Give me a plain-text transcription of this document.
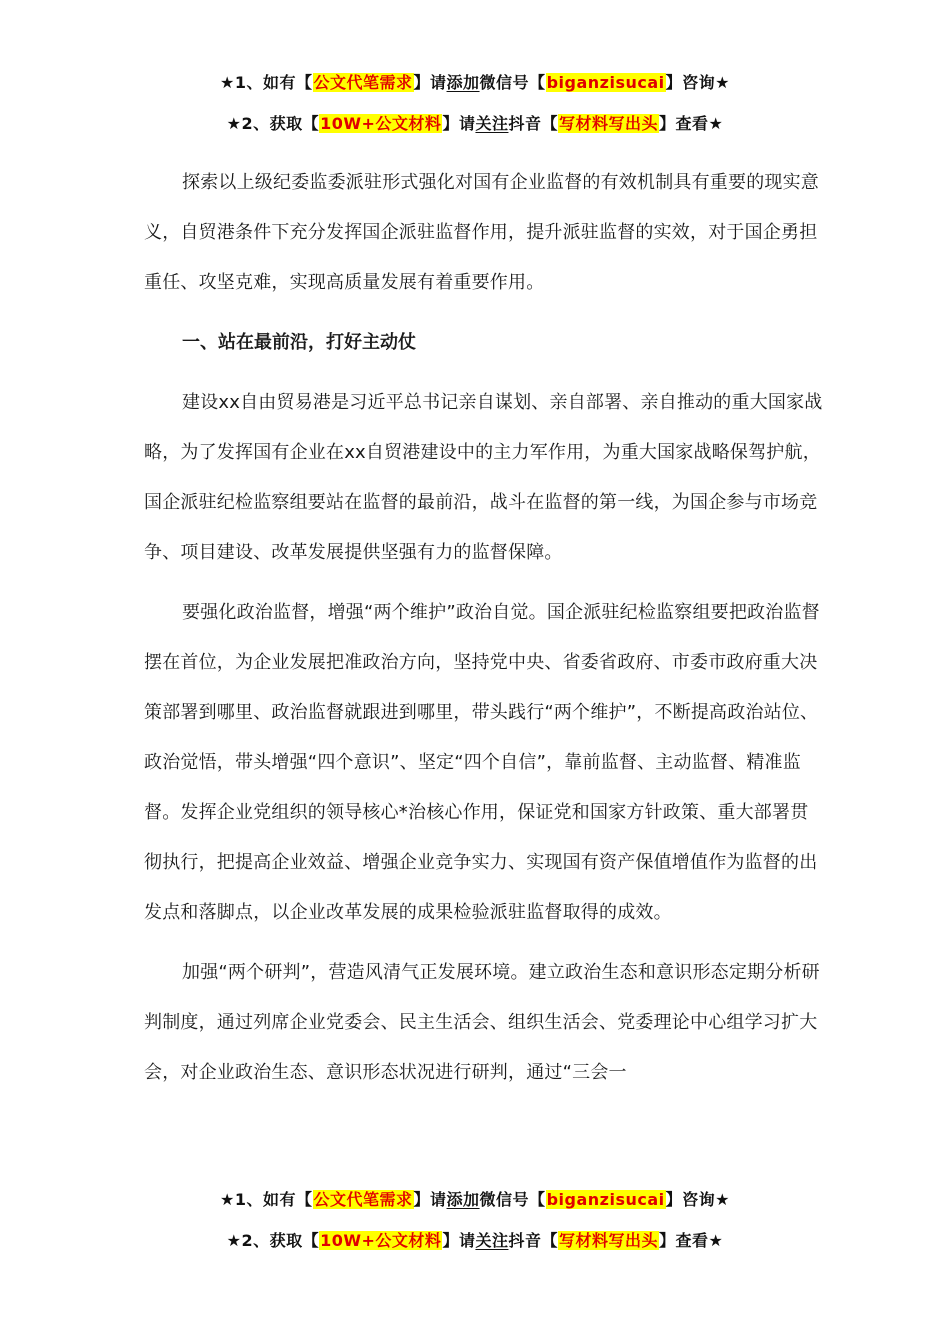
★1、如有【公文代笔需求】请添加微信号【biganzisucai】咨询★
★2、获取【10W+公文材料】请关注抖音【写材料写出头】查看★

探索以上级纪委监委派驻形式强化对国有企业监督的有效机制具有重要的现实意义，自贸港条件下充分发挥国企派驻监督作用，提升派驻监督的实效，对于国企勇担重任、攻坚克难，实现高质量发展有着重要作用。

一、站在最前沿，打好主动仗

建设xx自由贸易港是习近平总书记亲自谋划、亲自部署、亲自推动的重大国家战略，为了发挥国有企业在xx自贸港建设中的主力军作用，为重大国家战略保驾护航，国企派驻纪检监察组要站在监督的最前沿，战斗在监督的第一线，为国企参与市场竞争、项目建设、改革发展提供坚强有力的监督保障。

要强化政治监督，增强“两个维护”政治自觉。国企派驻纪检监察组要把政治监督摆在首位，为企业发展把准政治方向，坚持党中央、省委省政府、市委市政府重大决策部署到哪里、政治监督就跟进到哪里，带头践行“两个维护”，不断提高政治站位、政治觉悟，带头增强“四个意识”、坚定“四个自信”，靠前监督、主动监督、精准监督。发挥企业党组织的领导核心*治核心作用，保证党和国家方针政策、重大部署贯彻执行，把提高企业效益、增强企业竞争实力、实现国有资产保值增值作为监督的出发点和落脚点，以企业改革发展的成果检验派驻监督取得的成效。

加强“两个研判”，营造风清气正发展环境。建立政治生态和意识形态定期分析研判制度，通过列席企业党委会、民主生活会、组织生活会、党委理论中心组学习扩大会，对企业政治生态、意识形态状况进行研判，通过“三会一

★1、如有【公文代笔需求】请添加微信号【biganzisucai】咨询★
★2、获取【10W+公文材料】请关注抖音【写材料写出头】查看★
